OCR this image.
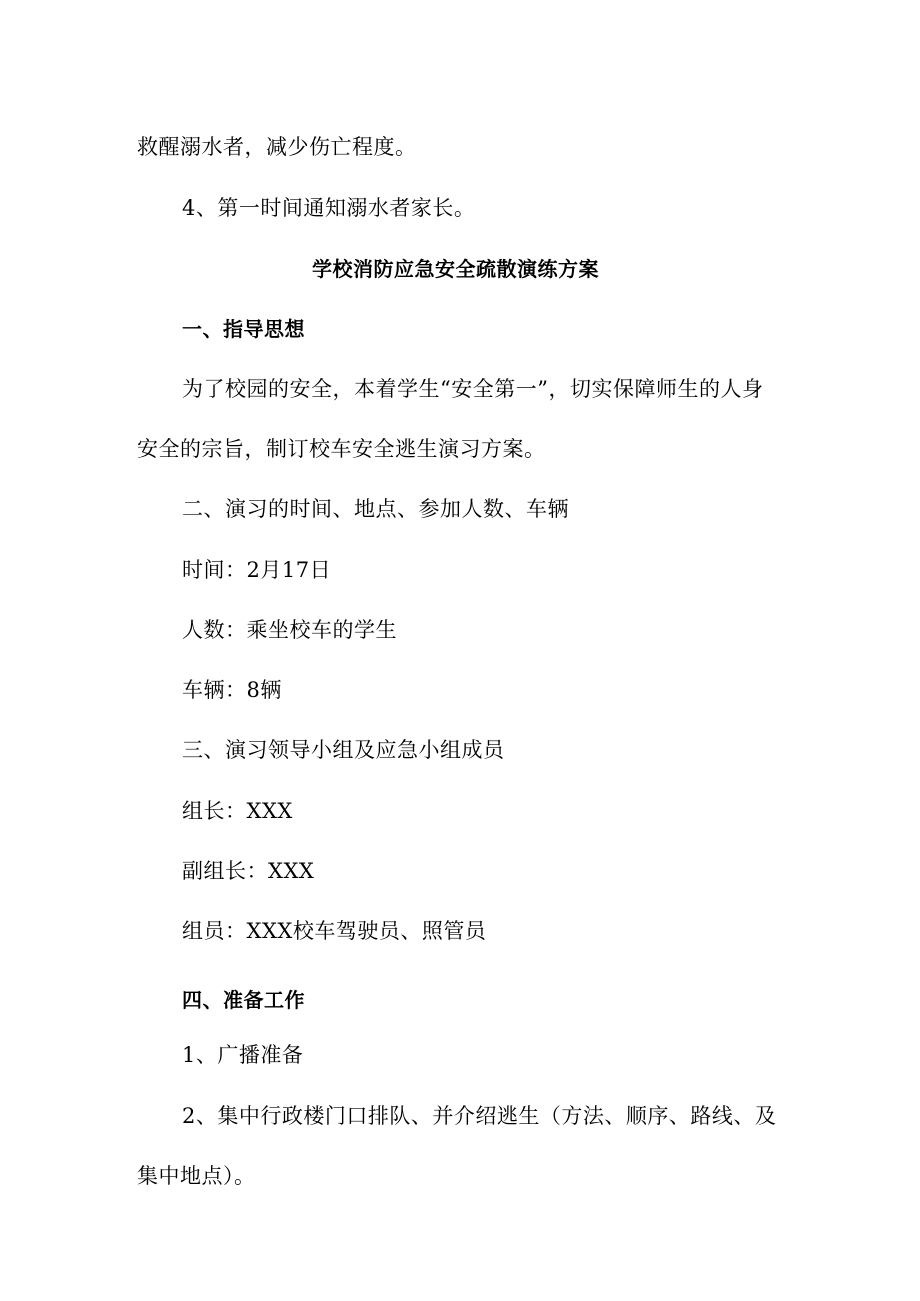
救醒溺水者，减少伤亡程度。
4、第一时间通知溺水者家长。
学校消防应急安全疏散演练方案
一、指导思想
为了校园的安全，本着学生“安全第一”，切实保障师生的人身
安全的宗旨，制订校车安全逃生演习方案。
二、演习的时间、地点、参加人数、车辆
时间：2月17日
人数：乘坐校车的学生
车辆：8辆
三、演习领导小组及应急小组成员
组长：XXX
副组长：XXX
组员：XXX校车驾驶员、照管员
四、准备工作
1、广播准备
2、集中行政楼门口排队、并介绍逃生（方法、顺序、路线、及
集中地点）。
